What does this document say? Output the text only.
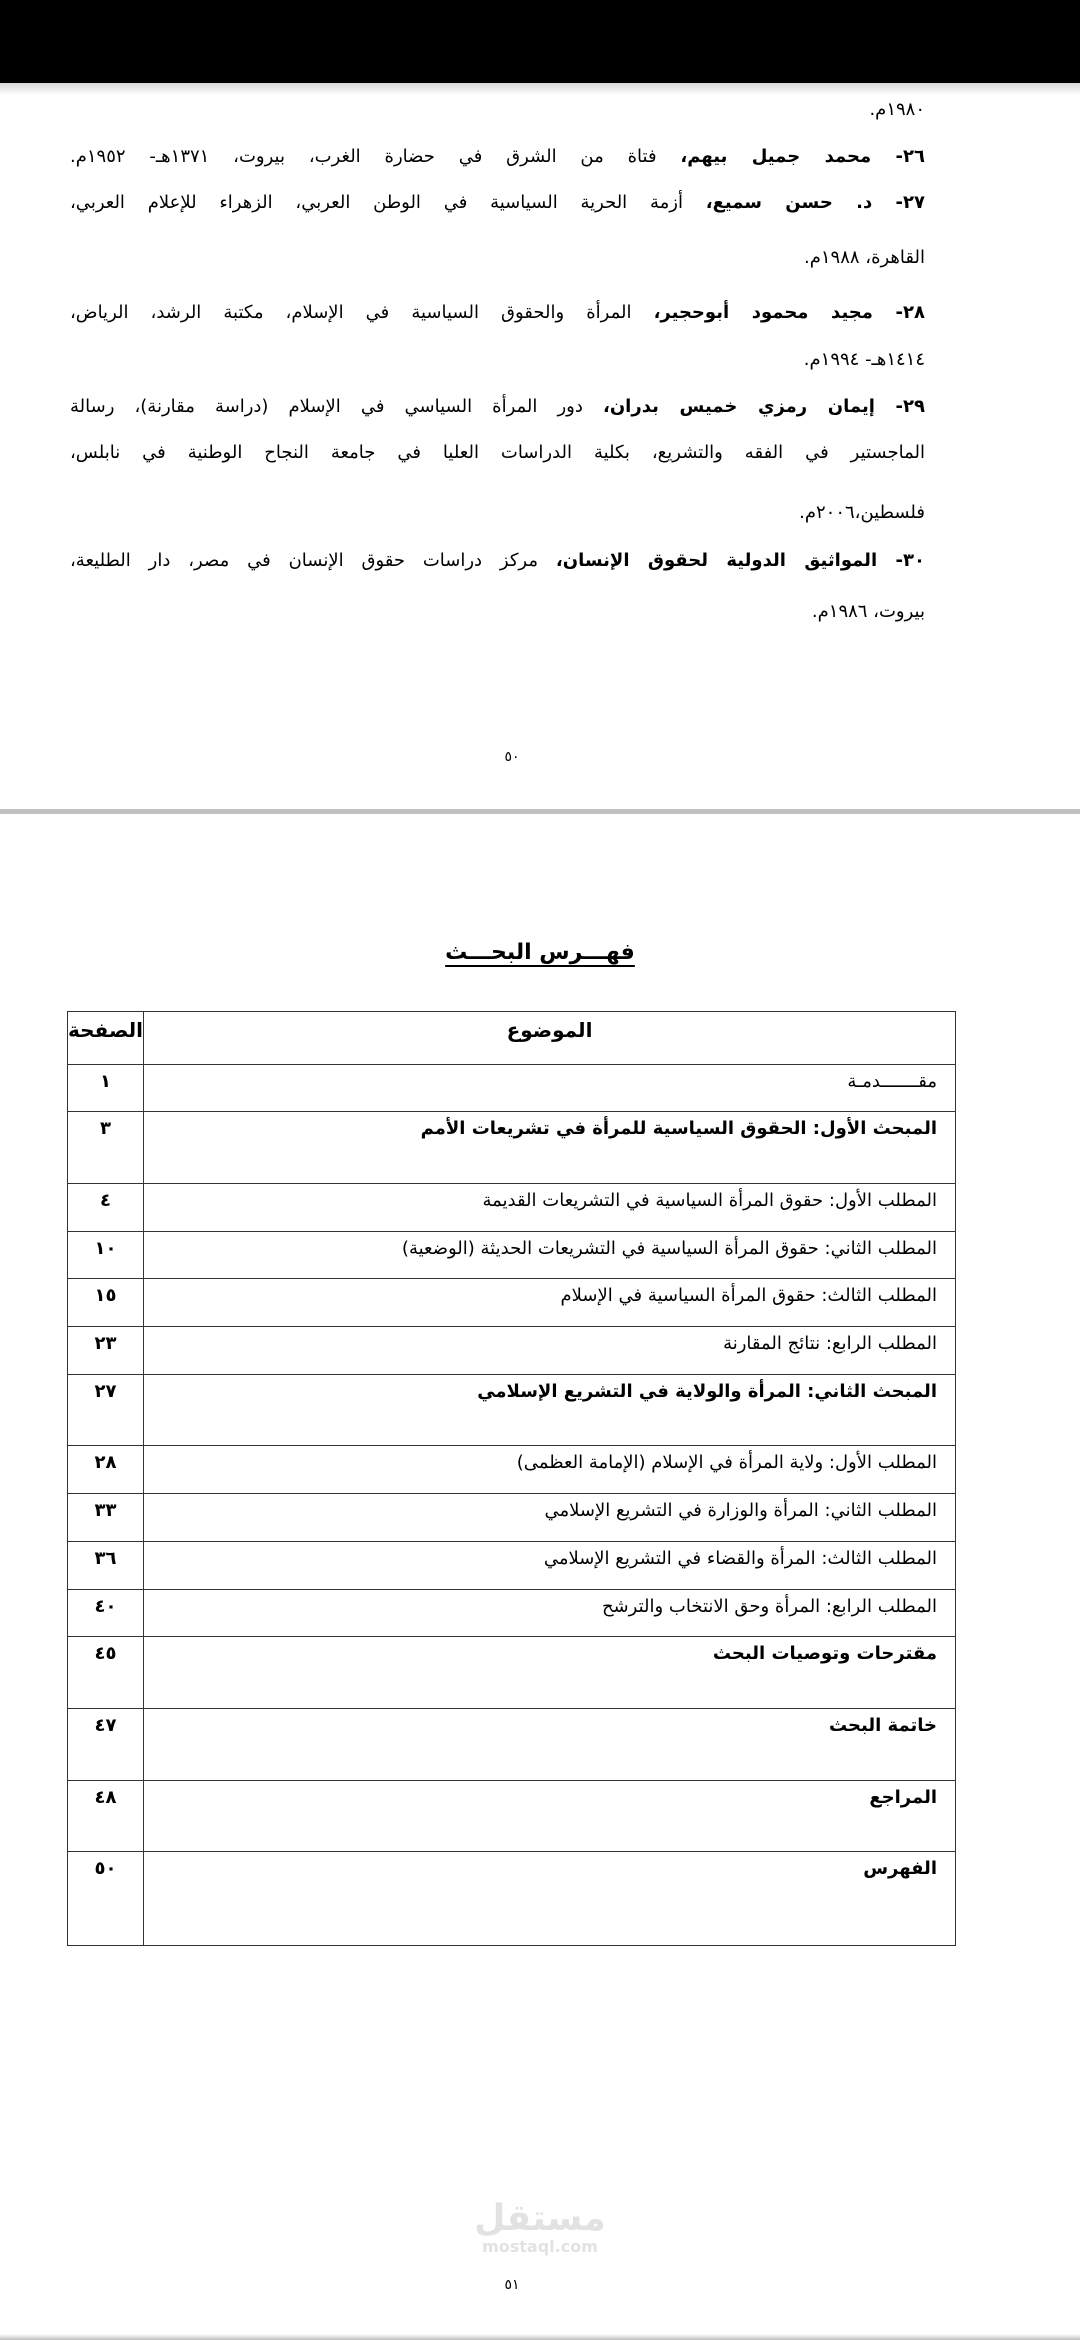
١٩٨٠م.
٢٦- محمد جميل بيهم، فتاة من الشرق في حضارة الغرب، بيروت، ١٣٧١هـ- ١٩٥٢م.
٢٧- د. حسن سميع، أزمة الحرية السياسية في الوطن العربي، الزهراء للإعلام العربي،
القاهرة، ١٩٨٨م.
٢٨- مجيد محمود أبوحجير، المرأة والحقوق السياسية في الإسلام، مكتبة الرشد، الرياض،
١٤١٤هـ- ١٩٩٤م.
٢٩- إيمان رمزي خميس بدران، دور المرأة السياسي في الإسلام (دراسة مقارنة)، رسالة
الماجستير في الفقه والتشريع، بكلية الدراسات العليا في جامعة النجاح الوطنية في نابلس،
فلسطين،٢٠٠٦م.
٣٠- المواثيق الدولية لحقوق الإنسان، مركز دراسات حقوق الإنسان في مصر، دار الطليعة،
بيروت، ١٩٨٦م.
٥٠
فهـــرس البحـــث
الموضوع	الصفحة
مقـــــــدمـة	١
المبحث الأول: الحقوق السياسية للمرأة في تشريعات الأمم	٣
المطلب الأول: حقوق المرأة السياسية في التشريعات القديمة	٤
المطلب الثاني: حقوق المرأة السياسية في التشريعات الحديثة (الوضعية)	١٠
المطلب الثالث: حقوق المرأة السياسية في الإسلام	١٥
المطلب الرابع: نتائج المقارنة	٢٣
المبحث الثاني: المرأة والولاية في التشريع الإسلامي	٢٧
المطلب الأول: ولاية المرأة في الإسلام (الإمامة العظمى)	٢٨
المطلب الثاني: المرأة والوزارة في التشريع الإسلامي	٣٣
المطلب الثالث: المرأة والقضاء في التشريع الإسلامي	٣٦
المطلب الرابع: المرأة وحق الانتخاب والترشح	٤٠
مقترحات وتوصيات البحث	٤٥
خاتمة البحث	٤٧
المراجع	٤٨
الفهرس	٥٠
مستقل
mostaql.com
٥١
